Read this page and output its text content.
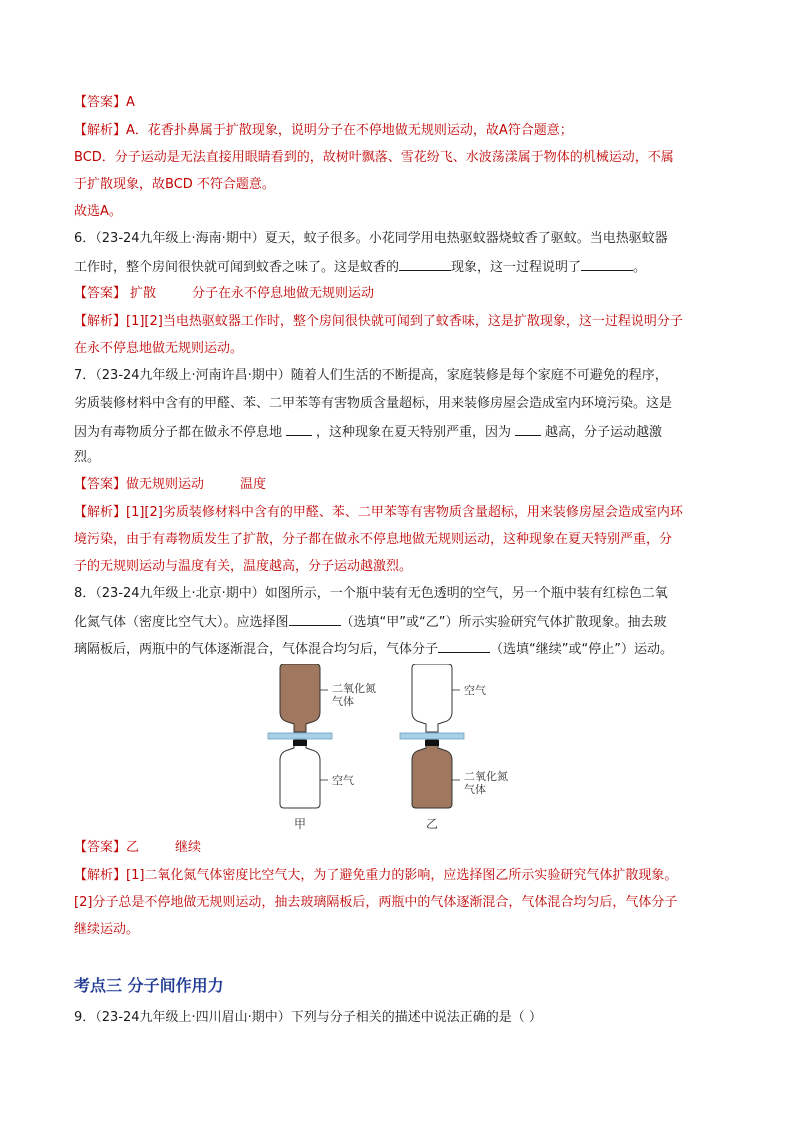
【答案】A
【解析】A．花香扑鼻属于扩散现象，说明分子在不停地做无规则运动，故A符合题意；
BCD．分子运动是无法直接用眼睛看到的，故树叶飘落、雪花纷飞、水波荡漾属于物体的机械运动，不属
于扩散现象，故BCD 不符合题意。
故选A。
6．（23-24九年级上·海南·期中）夏天，蚊子很多。小花同学用电热驱蚊器烧蚊香了驱蚊。当电热驱蚊器
工作时，整个房间很快就可闻到蚊香之味了。这是蚊香的	现象，这一过程说明了	。
【答案】 扩散	分子在永不停息地做无规则运动
【解析】[1][2]当电热驱蚊器工作时，整个房间很快就可闻到了蚊香味，这是扩散现象，这一过程说明分子
在永不停息地做无规则运动。
7．（23-24九年级上·河南许昌·期中）随着人们生活的不断提高，家庭装修是每个家庭不可避免的程序，
劣质装修材料中含有的甲醛、苯、二甲苯等有害物质含量超标，用来装修房屋会造成室内环境污染。这是
因为有毒物质分子都在做永不停息地	，这种现象在夏天特别严重，因为	越高，分子运动越激
烈。
【答案】做无规则运动	温度
【解析】[1][2]劣质装修材料中含有的甲醛、苯、二甲苯等有害物质含量超标，用来装修房屋会造成室内环
境污染，由于有毒物质发生了扩散，分子都在做永不停息地做无规则运动，这种现象在夏天特别严重，分
子的无规则运动与温度有关，温度越高，分子运动越激烈。
8．（23-24九年级上·北京·期中）如图所示，一个瓶中装有无色透明的空气，另一个瓶中装有红棕色二氧
化氮气体（密度比空气大）。应选择图	（选填“甲”或“乙”）所示实验研究气体扩散现象。抽去玻
璃隔板后，两瓶中的气体逐渐混合，气体混合均匀后，气体分子	（选填“继续”或“停止”）运动。
二氧化氮
气体
空气
甲
空气
二氧化氮
气体
乙
【答案】乙	继续
【解析】[1]二氧化氮气体密度比空气大，为了避免重力的影响，应选择图乙所示实验研究气体扩散现象。
[2]分子总是不停地做无规则运动，抽去玻璃隔板后，两瓶中的气体逐渐混合，气体混合均匀后，气体分子
继续运动。
考点三 分子间作用力
9．（23-24九年级上·四川眉山·期中）下列与分子相关的描述中说法正确的是（ ）
